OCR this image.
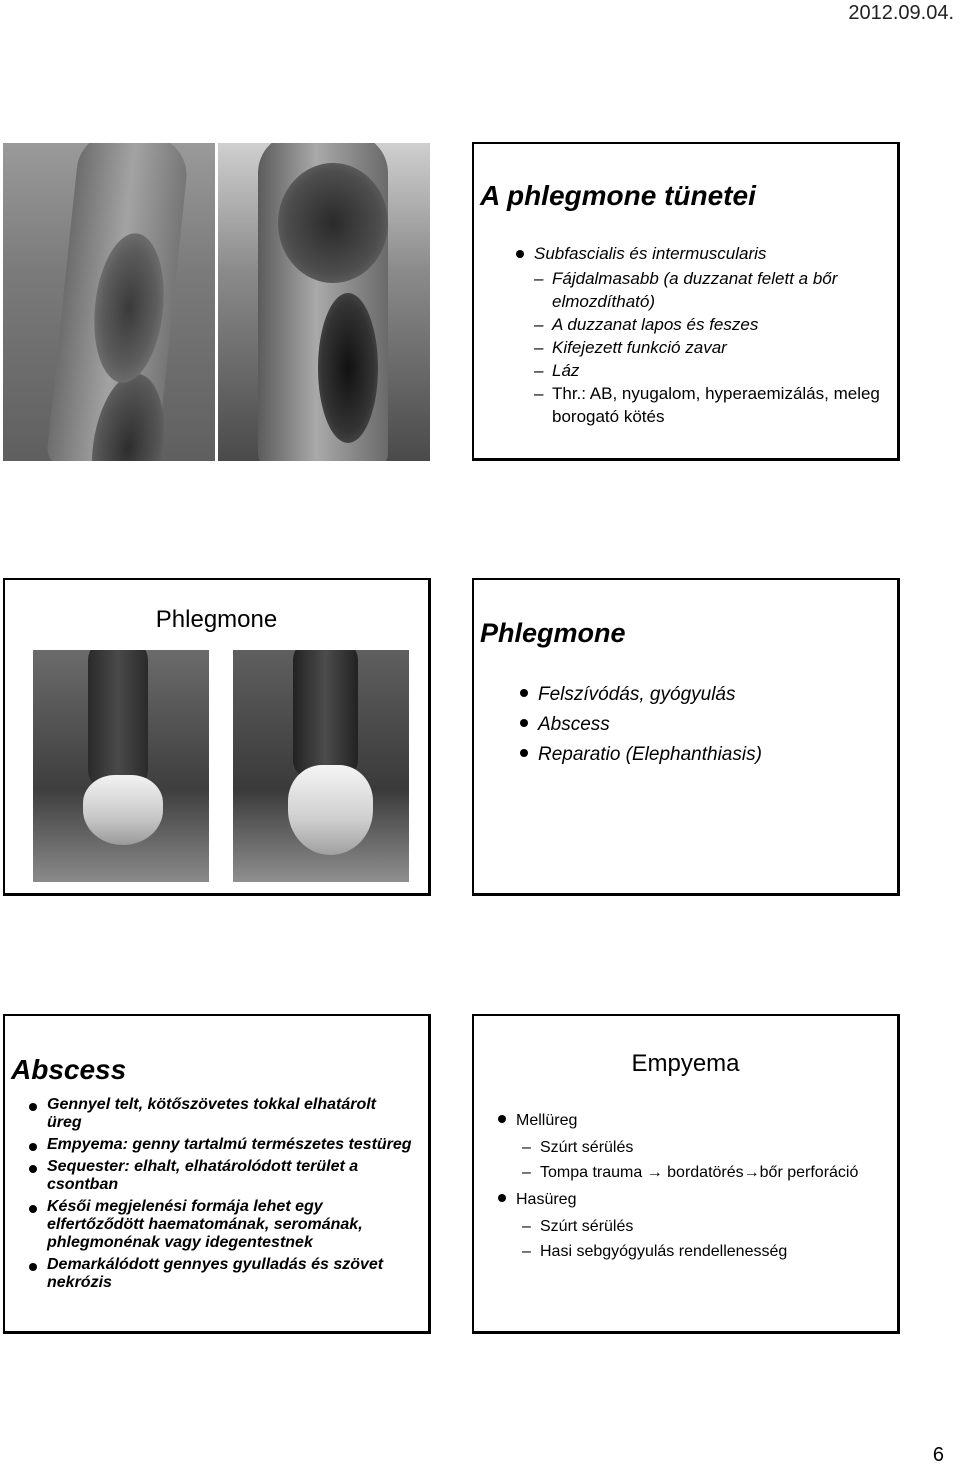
2012.09.04.
A phlegmone tünetei
Subfascialis és intermuscularis
– Fájdalmasabb (a duzzanat felett a bőr elmozdítható)
– A duzzanat lapos és feszes
– Kifejezett funkció zavar
– Láz
– Thr.: AB, nyugalom, hyperaemizálás, meleg borogató kötés
Phlegmone	Phlegmone
Felszívódás, gyógyulás
Abscess
Reparatio (Elephanthiasis)
Abscess
Gennyel telt, kötőszövetes tokkal elhatárolt üreg
Empyema: genny tartalmú természetes testüreg
Sequester: elhalt, elhatárolódott terület a csontban
Késői megjelenési formája lehet egy elfertőződött haematomának, seromának, phlegmonénak vagy idegentestnek
Demarkálódott gennyes gyulladás és szövet nekrózis
Empyema
Mellüreg
– Szúrt sérülés
– Tompa trauma → bordatörés→bőr perforáció
Hasüreg
– Szúrt sérülés
– Hasi sebgyógyulás rendellenesség
6
